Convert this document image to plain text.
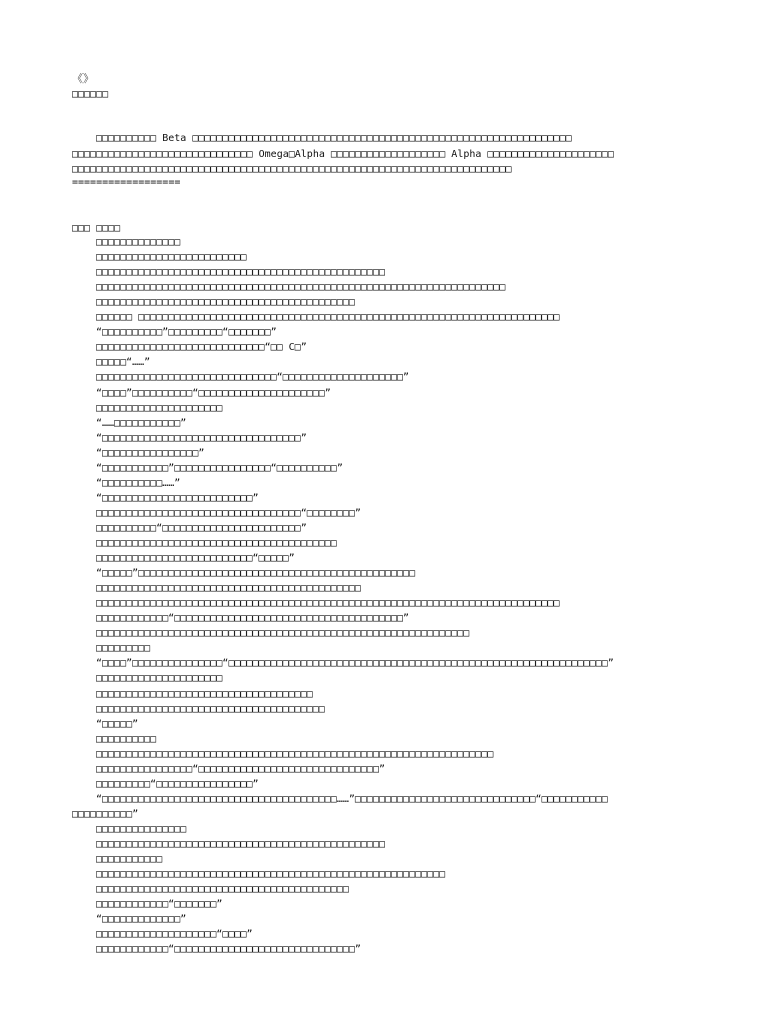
《》
□□□□□□
□□□□□□□□□□ Beta □□□□□□□□□□□□□□□□□□□□□□□□□□□□□□□□□□□□□□□□□□□□□□□□□□□□□□□□□□□□□□□
□□□□□□□□□□□□□□□□□□□□□□□□□□□□□□ Omega□Alpha □□□□□□□□□□□□□□□□□□□ Alpha □□□□□□□□□□□□□□□□□□□□□
□□□□□□□□□□□□□□□□□□□□□□□□□□□□□□□□□□□□□□□□□□□□□□□□□□□□□□□□□□□□□□□□□□□□□□□□□
==================
□□□ □□□□
□□□□□□□□□□□□□□
□□□□□□□□□□□□□□□□□□□□□□□□□
□□□□□□□□□□□□□□□□□□□□□□□□□□□□□□□□□□□□□□□□□□□□□□□□
□□□□□□□□□□□□□□□□□□□□□□□□□□□□□□□□□□□□□□□□□□□□□□□□□□□□□□□□□□□□□□□□□□□□
□□□□□□□□□□□□□□□□□□□□□□□□□□□□□□□□□□□□□□□□□□□
□□□□□□ □□□□□□□□□□□□□□□□□□□□□□□□□□□□□□□□□□□□□□□□□□□□□□□□□□□□□□□□□□□□□□□□□□□□□□
“□□□□□□□□□□”□□□□□□□□□“□□□□□□□”
□□□□□□□□□□□□□□□□□□□□□□□□□□□□“□□ C□”
□□□□□“……”
□□□□□□□□□□□□□□□□□□□□□□□□□□□□□□“□□□□□□□□□□□□□□□□□□□□”
“□□□□”□□□□□□□□□□“□□□□□□□□□□□□□□□□□□□□□”
□□□□□□□□□□□□□□□□□□□□□
“……□□□□□□□□□□□”
“□□□□□□□□□□□□□□□□□□□□□□□□□□□□□□□□□”
“□□□□□□□□□□□□□□□□”
“□□□□□□□□□□□”□□□□□□□□□□□□□□□□“□□□□□□□□□□”
“□□□□□□□□□□……”
“□□□□□□□□□□□□□□□□□□□□□□□□□”
□□□□□□□□□□□□□□□□□□□□□□□□□□□□□□□□□□“□□□□□□□□”
□□□□□□□□□□“□□□□□□□□□□□□□□□□□□□□□□□”
□□□□□□□□□□□□□□□□□□□□□□□□□□□□□□□□□□□□□□□□
□□□□□□□□□□□□□□□□□□□□□□□□□□“□□□□□”
“□□□□□”□□□□□□□□□□□□□□□□□□□□□□□□□□□□□□□□□□□□□□□□□□□□□□
□□□□□□□□□□□□□□□□□□□□□□□□□□□□□□□□□□□□□□□□□□□□
□□□□□□□□□□□□□□□□□□□□□□□□□□□□□□□□□□□□□□□□□□□□□□□□□□□□□□□□□□□□□□□□□□□□□□□□□□□□□
□□□□□□□□□□□□“□□□□□□□□□□□□□□□□□□□□□□□□□□□□□□□□□□□□□□”
□□□□□□□□□□□□□□□□□□□□□□□□□□□□□□□□□□□□□□□□□□□□□□□□□□□□□□□□□□□□□□
□□□□□□□□□
“□□□□”□□□□□□□□□□□□□□□“□□□□□□□□□□□□□□□□□□□□□□□□□□□□□□□□□□□□□□□□□□□□□□□□□□□□□□□□□□□□□□□”
□□□□□□□□□□□□□□□□□□□□□
□□□□□□□□□□□□□□□□□□□□□□□□□□□□□□□□□□□□
□□□□□□□□□□□□□□□□□□□□□□□□□□□□□□□□□□□□□□
“□□□□□”
□□□□□□□□□□
□□□□□□□□□□□□□□□□□□□□□□□□□□□□□□□□□□□□□□□□□□□□□□□□□□□□□□□□□□□□□□□□□□
□□□□□□□□□□□□□□□□“□□□□□□□□□□□□□□□□□□□□□□□□□□□□□□”
□□□□□□□□□“□□□□□□□□□□□□□□□□”
“□□□□□□□□□□□□□□□□□□□□□□□□□□□□□□□□□□□□□□□……”□□□□□□□□□□□□□□□□□□□□□□□□□□□□□□“□□□□□□□□□□□
□□□□□□□□□□”
□□□□□□□□□□□□□□□
□□□□□□□□□□□□□□□□□□□□□□□□□□□□□□□□□□□□□□□□□□□□□□□□
□□□□□□□□□□□
□□□□□□□□□□□□□□□□□□□□□□□□□□□□□□□□□□□□□□□□□□□□□□□□□□□□□□□□□□
□□□□□□□□□□□□□□□□□□□□□□□□□□□□□□□□□□□□□□□□□□
□□□□□□□□□□□□“□□□□□□□”
“□□□□□□□□□□□□□”
□□□□□□□□□□□□□□□□□□□□“□□□□”
□□□□□□□□□□□□“□□□□□□□□□□□□□□□□□□□□□□□□□□□□□□”
